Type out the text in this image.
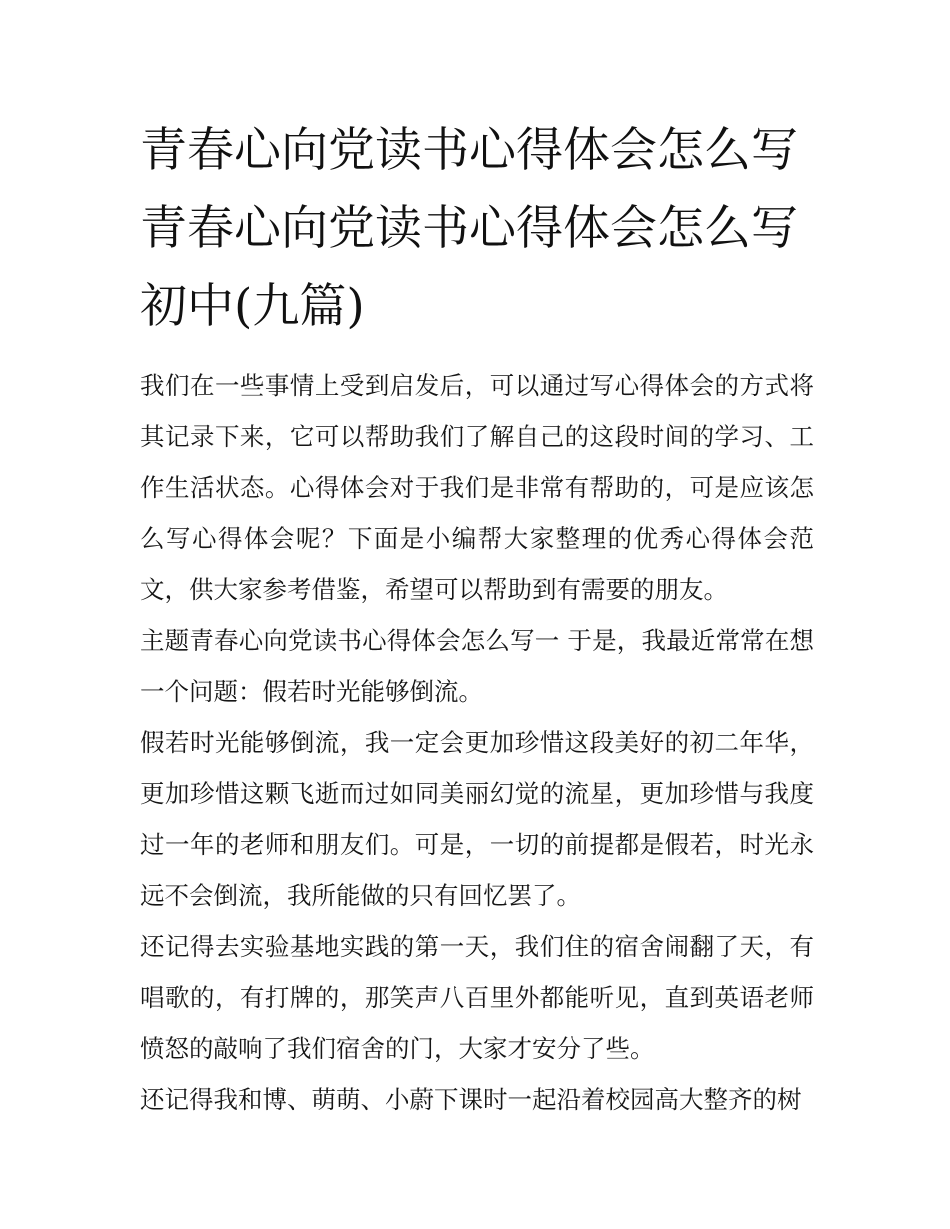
青春心向党读书心得体会怎么写 青春心向党读书心得体会怎么写初中(九篇)

我们在一些事情上受到启发后，可以通过写心得体会的方式将其记录下来，它可以帮助我们了解自己的这段时间的学习、工作生活状态。心得体会对于我们是非常有帮助的，可是应该怎么写心得体会呢？下面是小编帮大家整理的优秀心得体会范文，供大家参考借鉴，希望可以帮助到有需要的朋友。

主题青春心向党读书心得体会怎么写一 于是，我最近常常在想一个问题：假若时光能够倒流。

假若时光能够倒流，我一定会更加珍惜这段美好的初二年华，更加珍惜这颗飞逝而过如同美丽幻觉的流星，更加珍惜与我度过一年的老师和朋友们。可是，一切的前提都是假若，时光永远不会倒流，我所能做的只有回忆罢了。

还记得去实验基地实践的第一天，我们住的宿舍闹翻了天，有唱歌的，有打牌的，那笑声八百里外都能听见，直到英语老师愤怒的敲响了我们宿舍的门，大家才安分了些。

还记得我和博、萌萌、小蔚下课时一起沿着校园高大整齐的树
